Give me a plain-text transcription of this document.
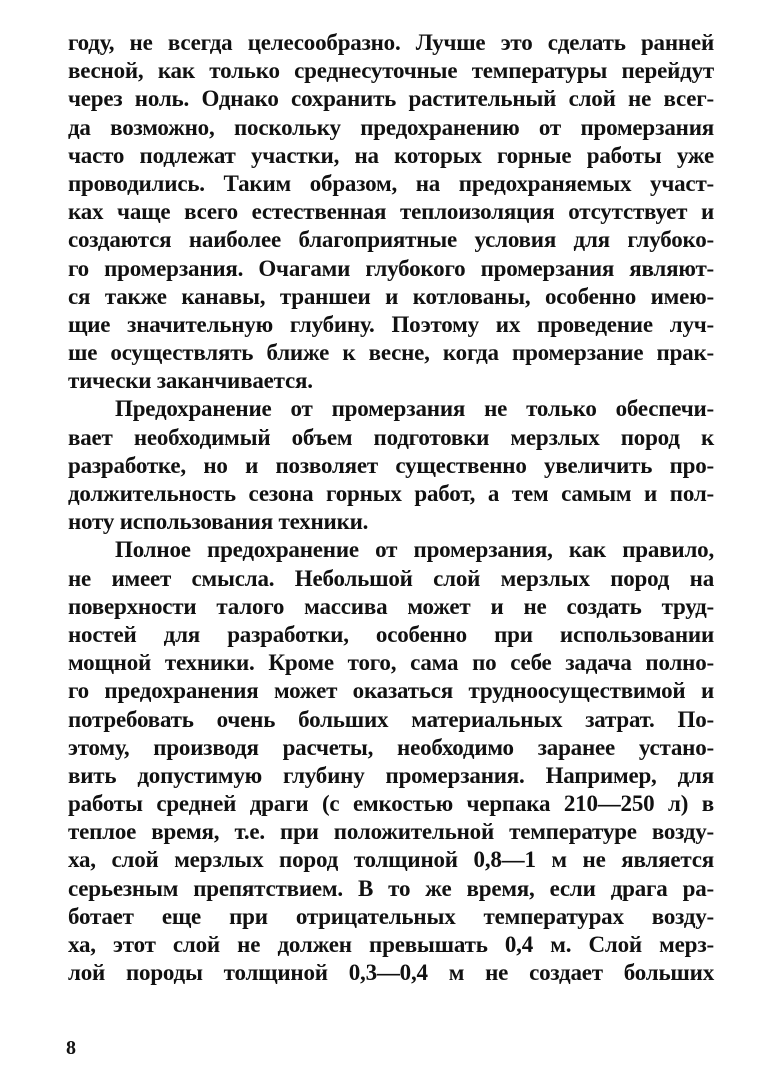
году, не всегда целесообразно. Лучше это сделать ранней
весной, как только среднесуточные температуры перейдут
через ноль. Однако сохранить растительный слой не всег-
да возможно, поскольку предохранению от промерзания
часто подлежат участки, на которых горные работы уже
проводились. Таким образом, на предохраняемых участ-
ках чаще всего естественная теплоизоляция отсутствует и
создаются наиболее благоприятные условия для глубоко-
го промерзания. Очагами глубокого промерзания являют-
ся также канавы, траншеи и котлованы, особенно имею-
щие значительную глубину. Поэтому их проведение луч-
ше осуществлять ближе к весне, когда промерзание прак-
тически заканчивается.
Предохранение от промерзания не только обеспечи-
вает необходимый объем подготовки мерзлых пород к
разработке, но и позволяет существенно увеличить про-
должительность сезона горных работ, а тем самым и пол-
ноту использования техники.
Полное предохранение от промерзания, как правило,
не имеет смысла. Небольшой слой мерзлых пород на
поверхности талого массива может и не создать труд-
ностей для разработки, особенно при использовании
мощной техники. Кроме того, сама по себе задача полно-
го предохранения может оказаться трудноосуществимой и
потребовать очень больших материальных затрат. По-
этому, производя расчеты, необходимо заранее устано-
вить допустимую глубину промерзания. Например, для
работы средней драги (с емкостью черпака 210—250 л) в
теплое время, т.е. при положительной температуре возду-
ха, слой мерзлых пород толщиной 0,8—1 м не является
серьезным препятствием. В то же время, если драга ра-
ботает еще при отрицательных температурах возду-
ха, этот слой не должен превышать 0,4 м. Слой мерз-
лой породы толщиной 0,3—0,4 м не создает больших
8
